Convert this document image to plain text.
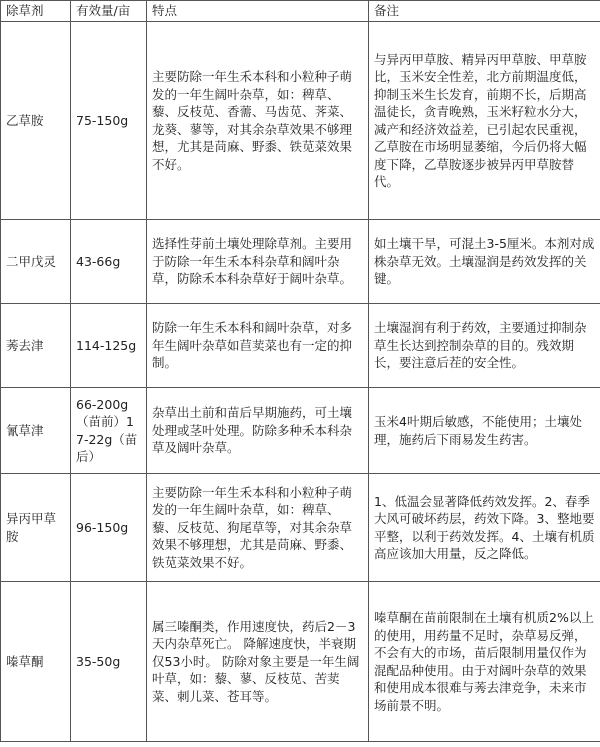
除草剂	有效量/亩	特点	备注
乙草胺	75-150g	主要防除一年生禾本科和小粒种子萌发的一年生阔叶杂草，如：稗草、藜、反枝苋、香薷、马齿苋、荠菜、龙葵、蓼等，对其余杂草效果不够理想，尤其是苘麻、野黍、铁苋菜效果不好。	与异丙甲草胺、精异丙甲草胺、甲草胺比，玉米安全性差，北方前期温度低，抑制玉米生长发育，前期不长，后期高温徒长，贪青晚熟，玉米籽粒水分大，减产和经济效益差，已引起农民重视，乙草胺在市场明显萎缩，今后仍将大幅度下降，乙草胺逐步被异丙甲草胺替代。
二甲戊灵	43-66g	选择性芽前土壤处理除草剂。主要用于防除一年生禾本科杂草和阔叶杂草，防除禾本科杂草好于阔叶杂草。	如土壤干旱，可混土3-5厘米。本剂对成株杂草无效。土壤湿润是药效发挥的关键。
莠去津	114-125g	防除一年生禾本科和阔叶杂草，对多年生阔叶杂草如苣荬菜也有一定的抑制。	土壤湿润有利于药效，主要通过抑制杂草生长达到控制杂草的目的。残效期长，要注意后茬的安全性。
氰草津	66-200g（苗前）17-22g（苗后）	杂草出土前和苗后早期施药，可土壤处理或茎叶处理。防除多种禾本科杂草及阔叶杂草。	玉米4叶期后敏感，不能使用；土壤处理，施药后下雨易发生药害。
异丙甲草胺	96-150g	主要防除一年生禾本科和小粒种子萌发的一年生阔叶杂草，如：稗草、藜、反枝苋、狗尾草等，对其余杂草效果不够理想，尤其是苘麻、野黍、铁苋菜效果不好。	1、低温会显著降低药效发挥。2、春季大风可破坏药层，药效下降。3、整地要平整，以利于药效发挥。4、土壤有机质高应该加大用量，反之降低。
嗪草酮	35-50g	属三嗪酮类，作用速度快，药后2－3天内杂草死亡。 降解速度快，半衰期仅53小时。 防除对象主要是一年生阔叶草，如：藜、蓼、反枝苋、苦荬菜、刺儿菜、苍耳等。	嗪草酮在苗前限制在土壤有机质2%以上的使用，用药量不足时，杂草易反弹，不会有大的市场，苗后限制用量仅作为混配品种使用。由于对阔叶杂草的效果和使用成本很难与莠去津竞争，未来市场前景不明。
